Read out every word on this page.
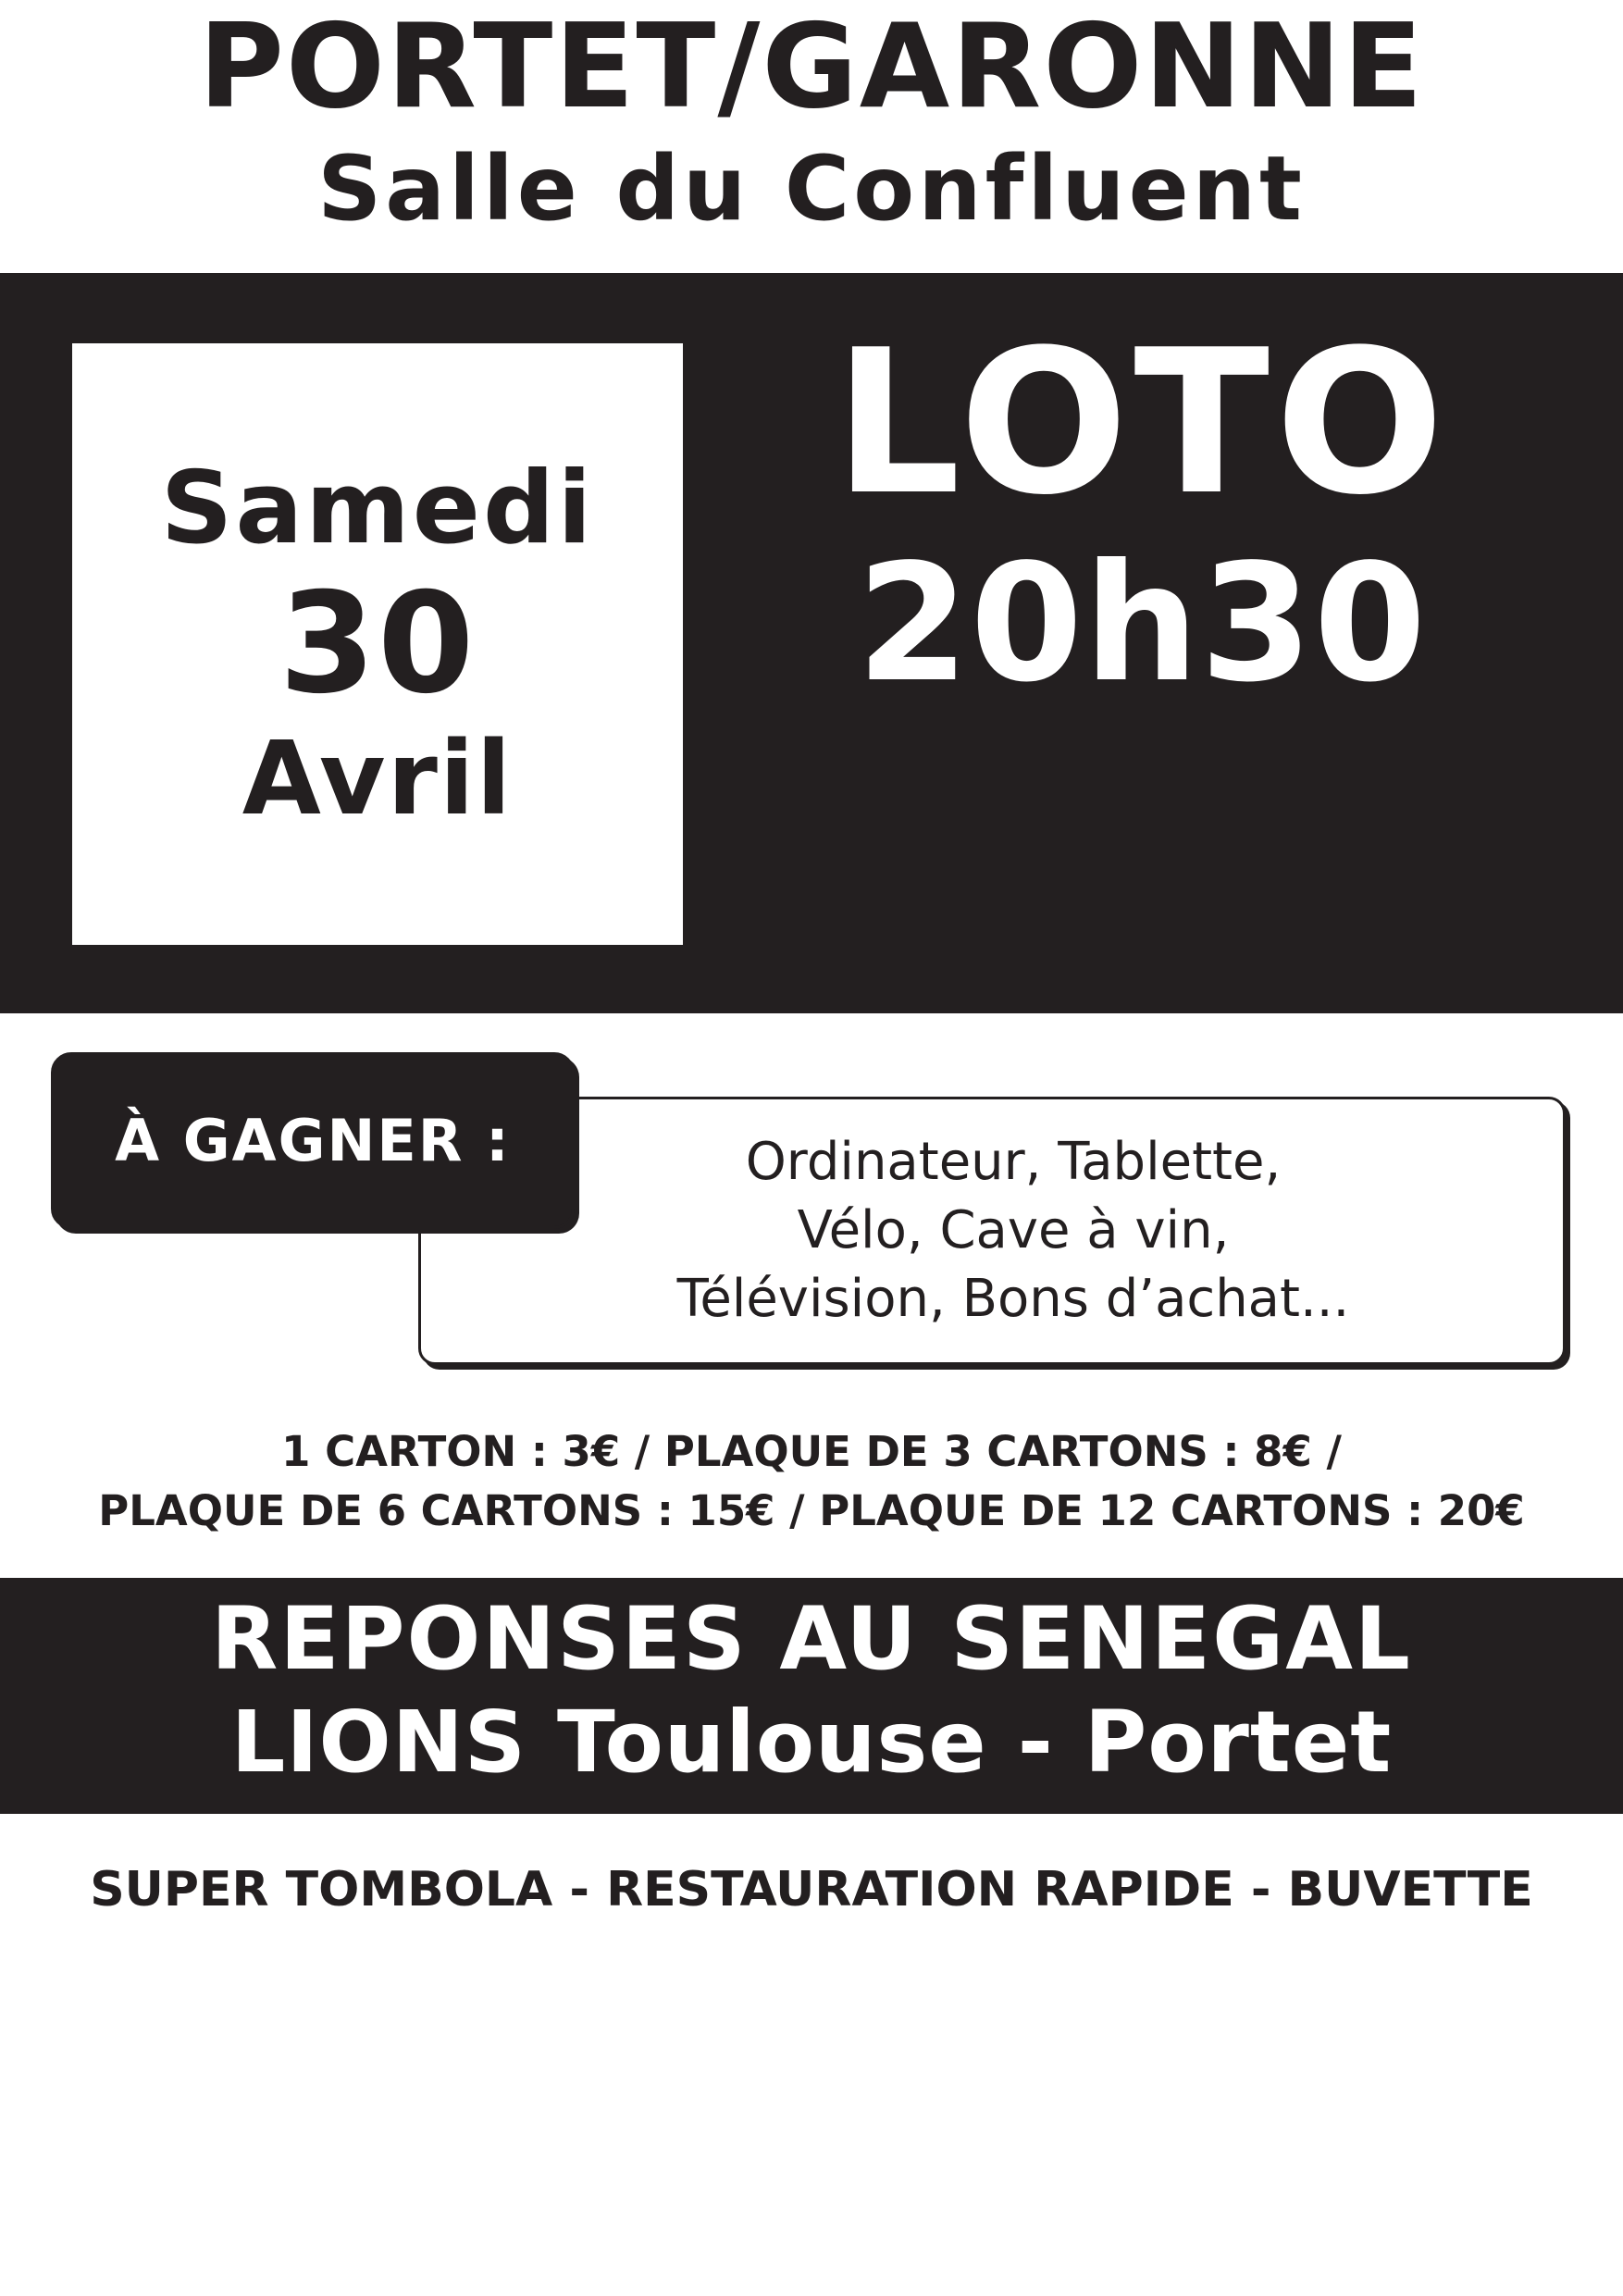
PORTET/GARONNE
Salle du Confluent
Samedi
30
Avril
LOTO
20h30
Ordinateur, Tablette,
Vélo, Cave à vin,
Télévision, Bons d’achat...
À GAGNER :
1 CARTON : 3€ / PLAQUE DE 3 CARTONS : 8€ /
PLAQUE DE 6 CARTONS : 15€ / PLAQUE DE 12 CARTONS : 20€
REPONSES AU SENEGAL
LIONS Toulouse - Portet
SUPER TOMBOLA - RESTAURATION RAPIDE - BUVETTE
